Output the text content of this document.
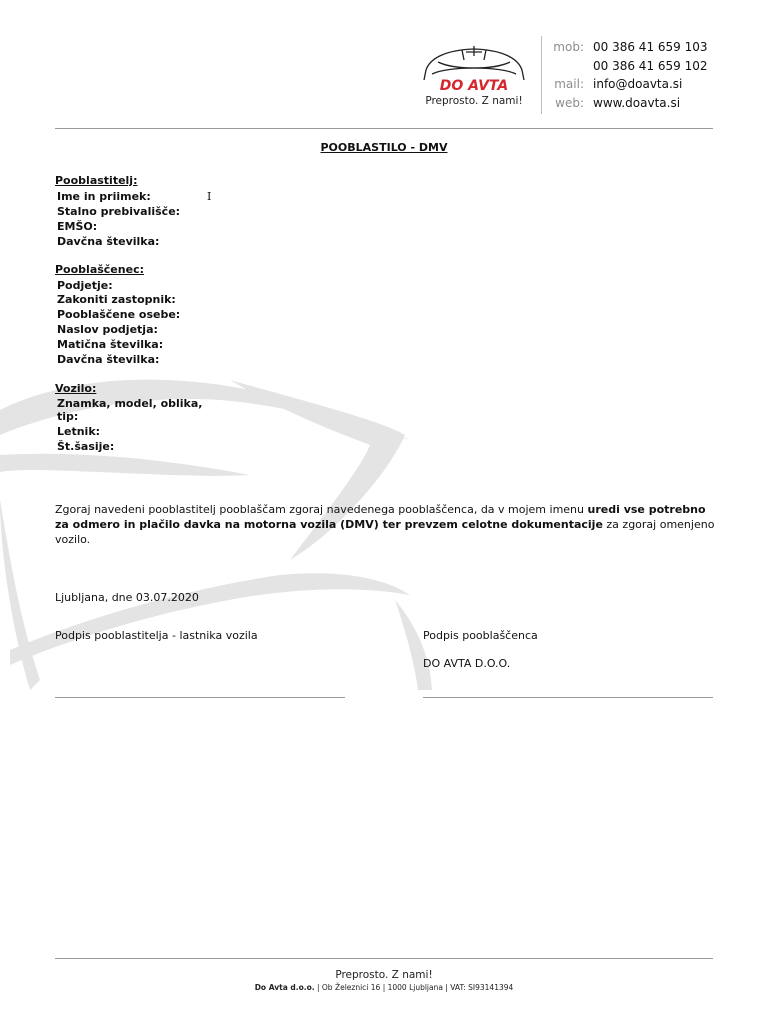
DO AVTA
Preprosto. Z nami!
mob: 00 386 41 659 103
00 386 41 659 102
mail: info@doavta.si
web: www.doavta.si
POOBLASTILO - DMV
Pooblastitelj:
Ime in priimek:	I
Stalno prebivališče:
EMŠO:
Davčna številka:
Pooblaščenec:
Podjetje:
Zakoniti zastopnik:
Pooblaščene osebe:
Naslov podjetja:
Matična številka:
Davčna številka:
Vozilo:
Znamka, model, oblika,
tip:
Letnik:
Št.šasije:
Zgoraj navedeni pooblastitelj pooblaščam zgoraj navedenega pooblaščenca, da v mojem imenu uredi vse potrebno za odmero in plačilo davka na motorna vozila (DMV) ter prevzem celotne dokumentacije za zgoraj omenjeno vozilo.
Ljubljana, dne 03.07.2020
Podpis pooblastitelja - lastnika vozila	Podpis pooblaščenca
DO AVTA D.O.O.
Preprosto. Z nami!
Do Avta d.o.o. | Ob Železnici 16 | 1000 Ljubljana | VAT: SI93141394
